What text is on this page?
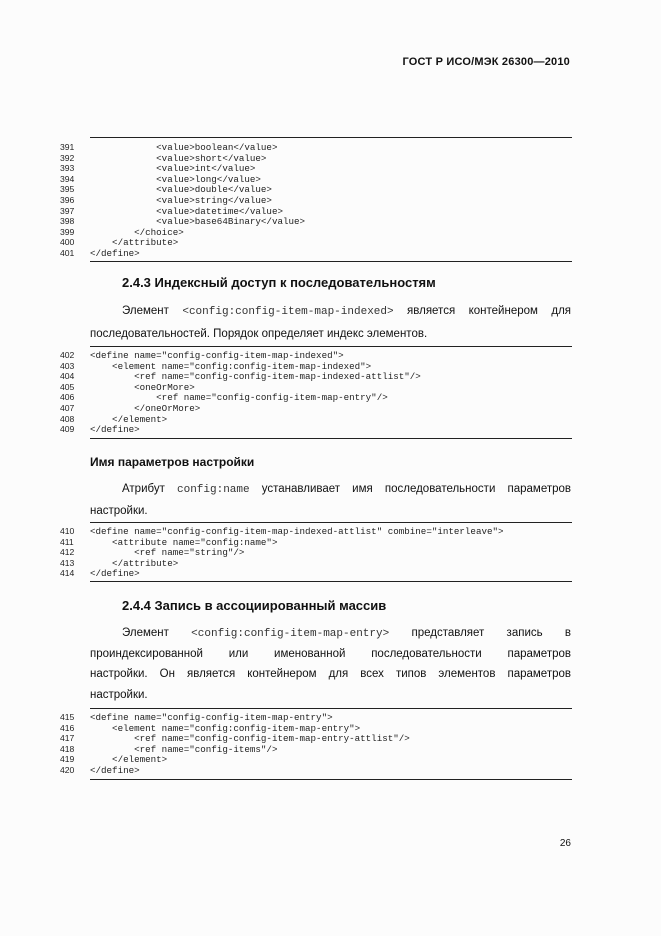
ГОСТ Р ИСО/МЭК 26300—2010
391	<value>boolean</value>
392	<value>short</value>
393	<value>int</value>
394	<value>long</value>
395	<value>double</value>
396	<value>string</value>
397	<value>datetime</value>
398	<value>base64Binary</value>
399	</choice>
400	</attribute>
401	</define>
2.4.3 Индексный доступ к последовательностям
Элемент <config:config-item-map-indexed> является контейнером для
последовательностей. Порядок определяет индекс элементов.
402	<define name="config-config-item-map-indexed">
403	<element name="config:config-item-map-indexed">
404	<ref name="config-config-item-map-indexed-attlist"/>
405	<oneOrMore>
406	<ref name="config-config-item-map-entry"/>
407	</oneOrMore>
408	</element>
409	</define>
Имя параметров настройки
Атрибут config:name устанавливает имя последовательности параметров
настройки.
410	<define name="config-config-item-map-indexed-attlist" combine="interleave">
411	<attribute name="config:name">
412	<ref name="string"/>
413	</attribute>
414	</define>
2.4.4 Запись в ассоциированный массив
Элемент <config:config-item-map-entry> представляет запись в
проиндексированной или именованной последовательности параметров
настройки. Он является контейнером для всех типов элементов параметров
настройки.
415	<define name="config-config-item-map-entry">
416	<element name="config:config-item-map-entry">
417	<ref name="config-config-item-map-entry-attlist"/>
418	<ref name="config-items"/>
419	</element>
420	</define>
26
